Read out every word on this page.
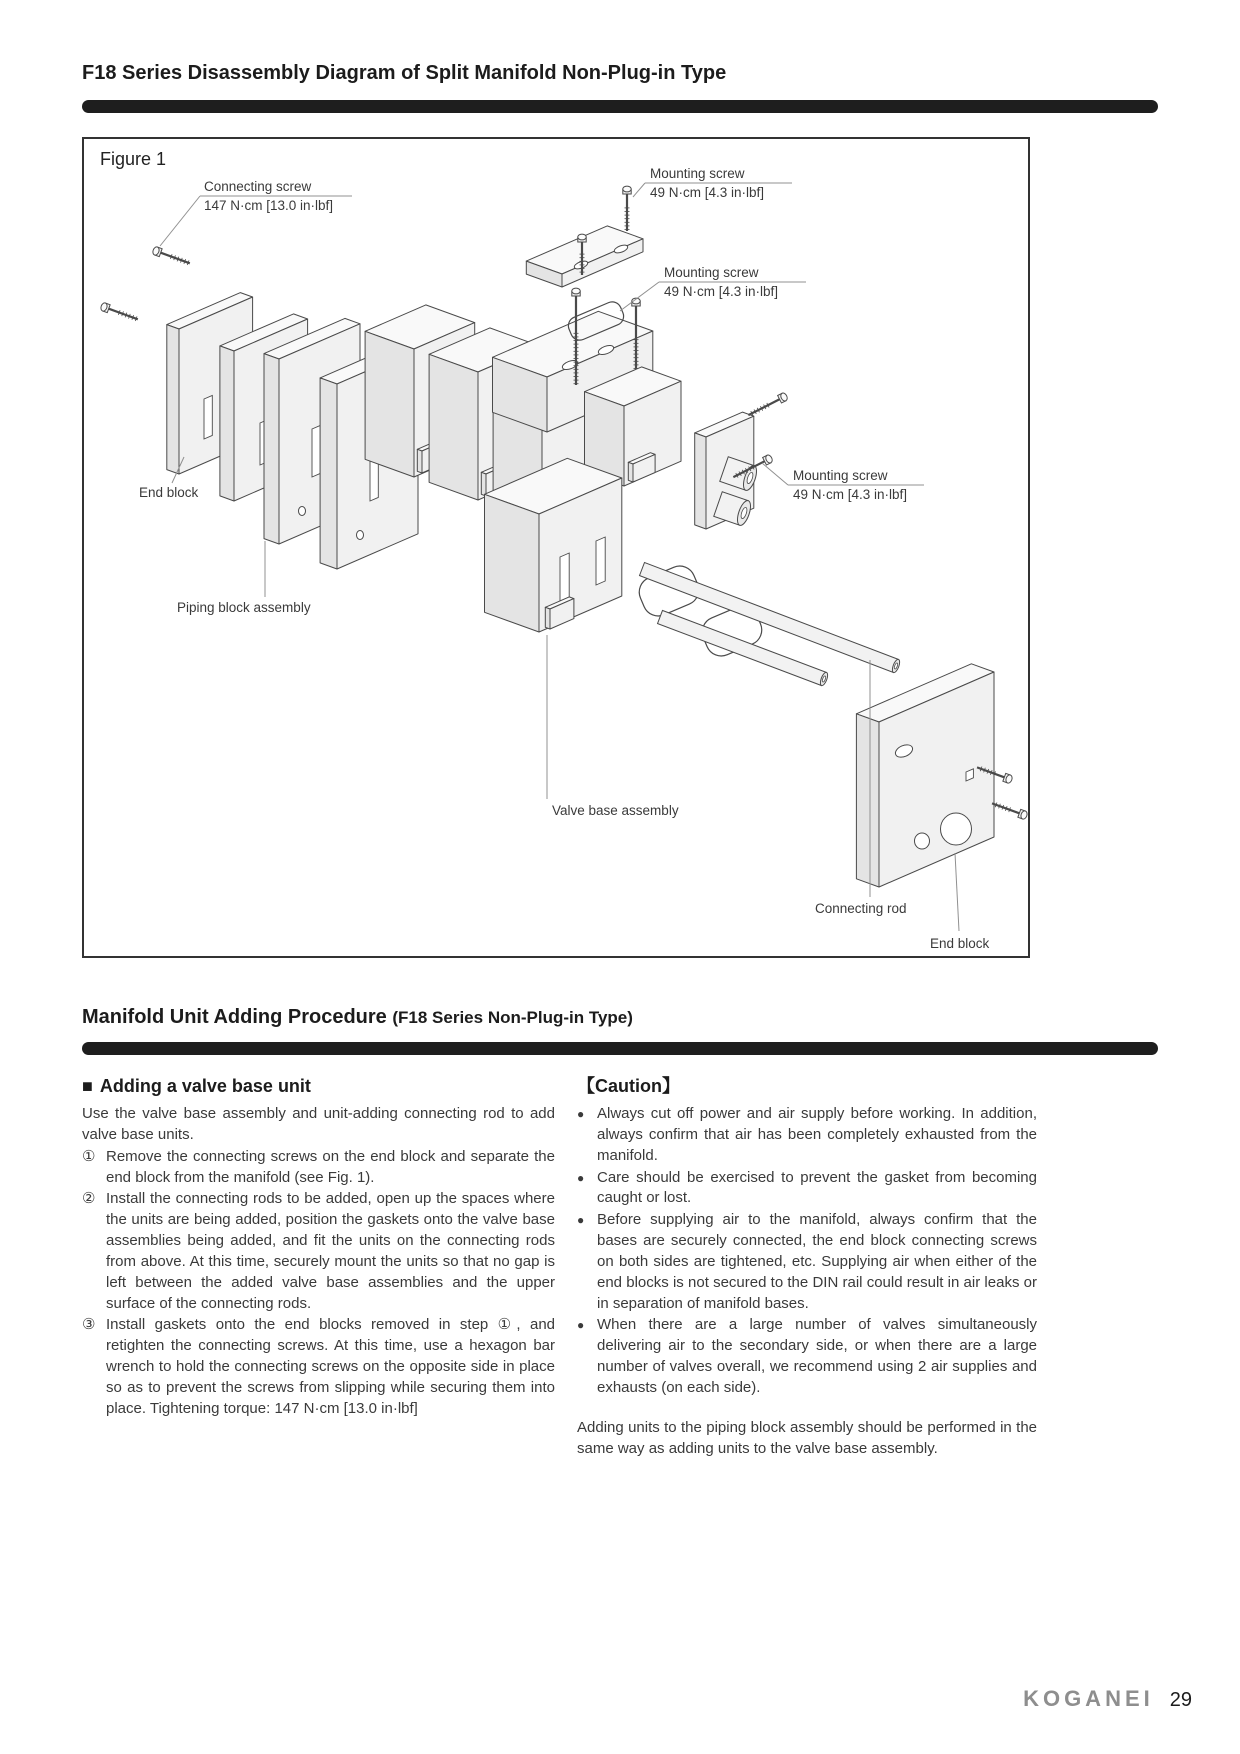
F18 Series Disassembly Diagram of Split Manifold Non-Plug-in Type
Figure 1
Connecting screw
147 N·cm [13.0 in·lbf]
Mounting screw
49 N·cm [4.3 in·lbf]
Mounting screw
49 N·cm [4.3 in·lbf]
Mounting screw
49 N·cm [4.3 in·lbf]
End block
Piping block assembly
Valve base assembly
Connecting rod
End block
Manifold Unit Adding Procedure (F18 Series Non-Plug-in Type)
■ Adding a valve base unit

Use the valve base assembly and unit-adding connecting rod to add valve base units.

① Remove the connecting screws on the end block and separate the end block from the manifold (see Fig. 1).
② Install the connecting rods to be added, open up the spaces where the units are being added, position the gaskets onto the valve base assemblies being added, and fit the units on the connecting rods from above. At this time, securely mount the units so that no gap is left between the added valve base assemblies and the upper surface of the connecting rods.
③ Install gaskets onto the end blocks removed in step ①, and retighten the connecting screws. At this time, use a hexagon bar wrench to hold the connecting screws on the opposite side in place so as to prevent the screws from slipping while securing them into place. Tightening torque: 147 N·cm [13.0 in·lbf]
【Caution】
● Always cut off power and air supply before working. In addition, always confirm that air has been completely exhausted from the manifold.
● Care should be exercised to prevent the gasket from becoming caught or lost.
● Before supplying air to the manifold, always confirm that the bases are securely connected, the end block connecting screws on both sides are tightened, etc. Supplying air when either of the end blocks is not secured to the DIN rail could result in air leaks or in separation of manifold bases.
● When there are a large number of valves simultaneously delivering air to the secondary side, or when there are a large number of valves overall, we recommend using 2 air supplies and exhausts (on each side).

Adding units to the piping block assembly should be performed in the same way as adding units to the valve base assembly.

KOGANEI 29
